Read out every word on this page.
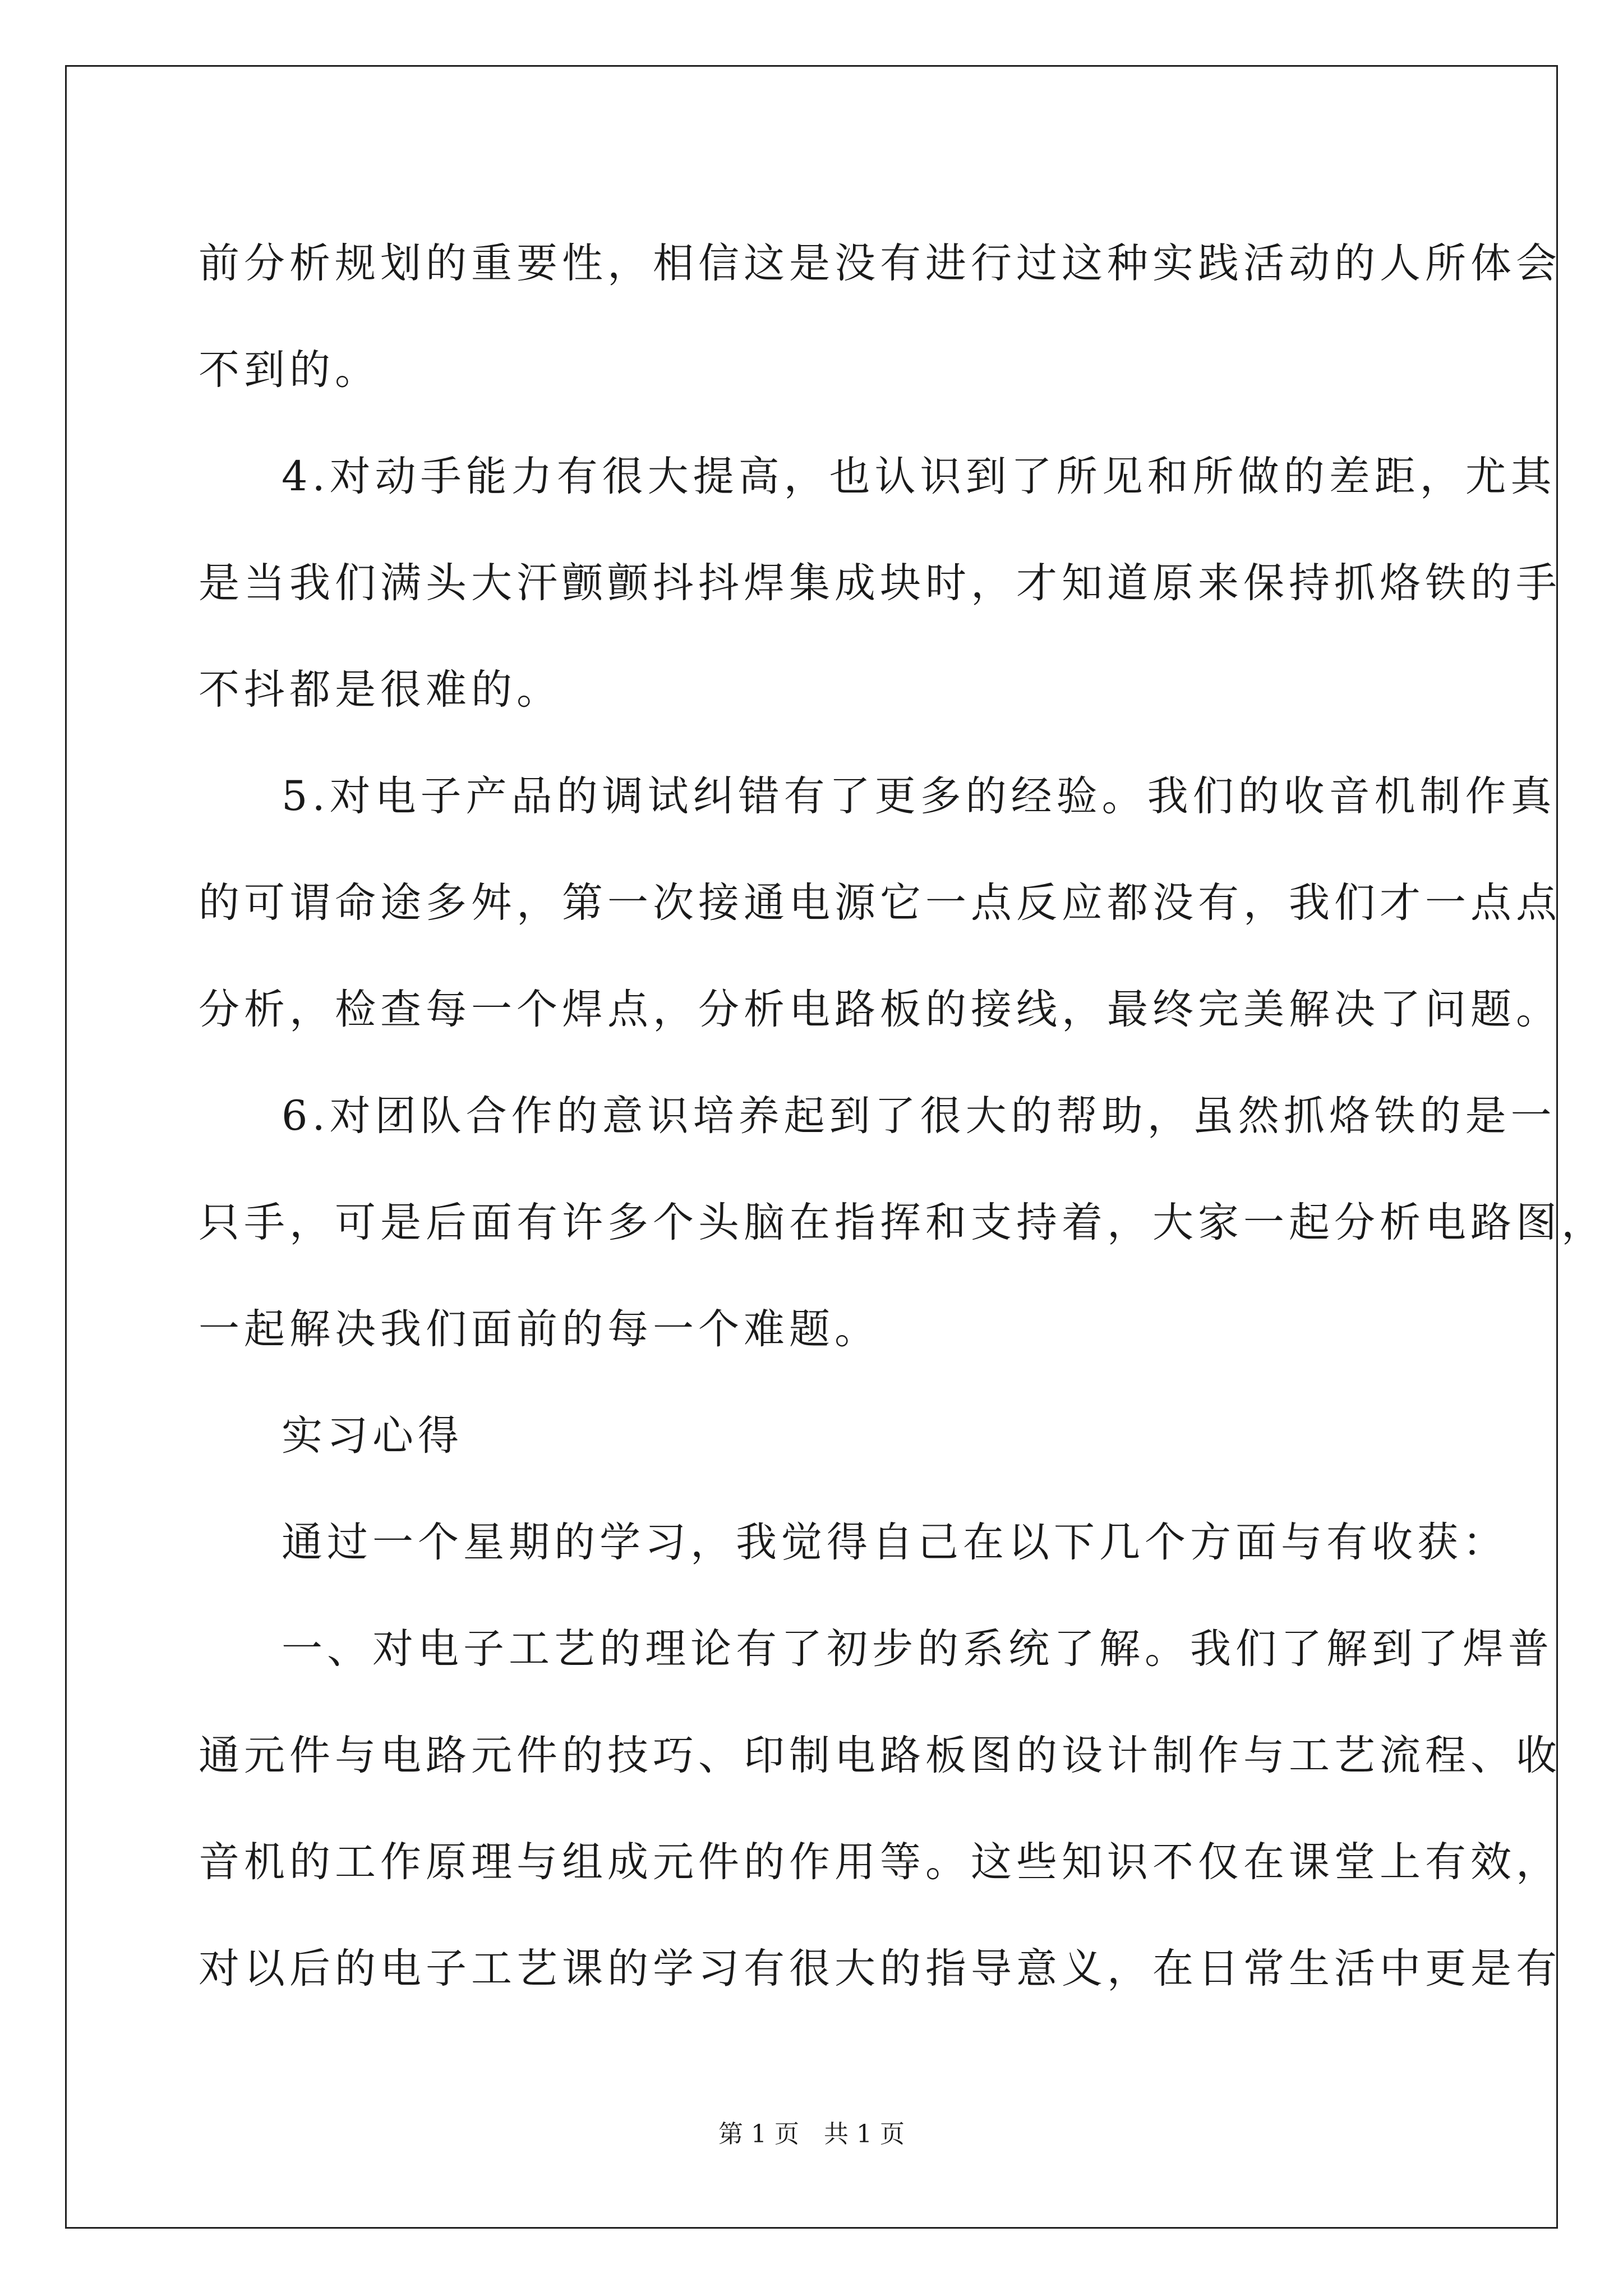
前分析规划的重要性，相信这是没有进行过这种实践活动的人所体会
不到的。
4.对动手能力有很大提高，也认识到了所见和所做的差距，尤其
是当我们满头大汗颤颤抖抖焊集成块时，才知道原来保持抓烙铁的手
不抖都是很难的。
5.对电子产品的调试纠错有了更多的经验。我们的收音机制作真
的可谓命途多舛，第一次接通电源它一点反应都没有，我们才一点点
分析，检查每一个焊点，分析电路板的接线，最终完美解决了问题。
6.对团队合作的意识培养起到了很大的帮助，虽然抓烙铁的是一
只手，可是后面有许多个头脑在指挥和支持着，大家一起分析电路图，
一起解决我们面前的每一个难题。
实习心得
通过一个星期的学习，我觉得自己在以下几个方面与有收获：
一、对电子工艺的理论有了初步的系统了解。我们了解到了焊普
通元件与电路元件的技巧、印制电路板图的设计制作与工艺流程、收
音机的工作原理与组成元件的作用等。这些知识不仅在课堂上有效，
对以后的电子工艺课的学习有很大的指导意义，在日常生活中更是有
第 1 页　共 1 页
